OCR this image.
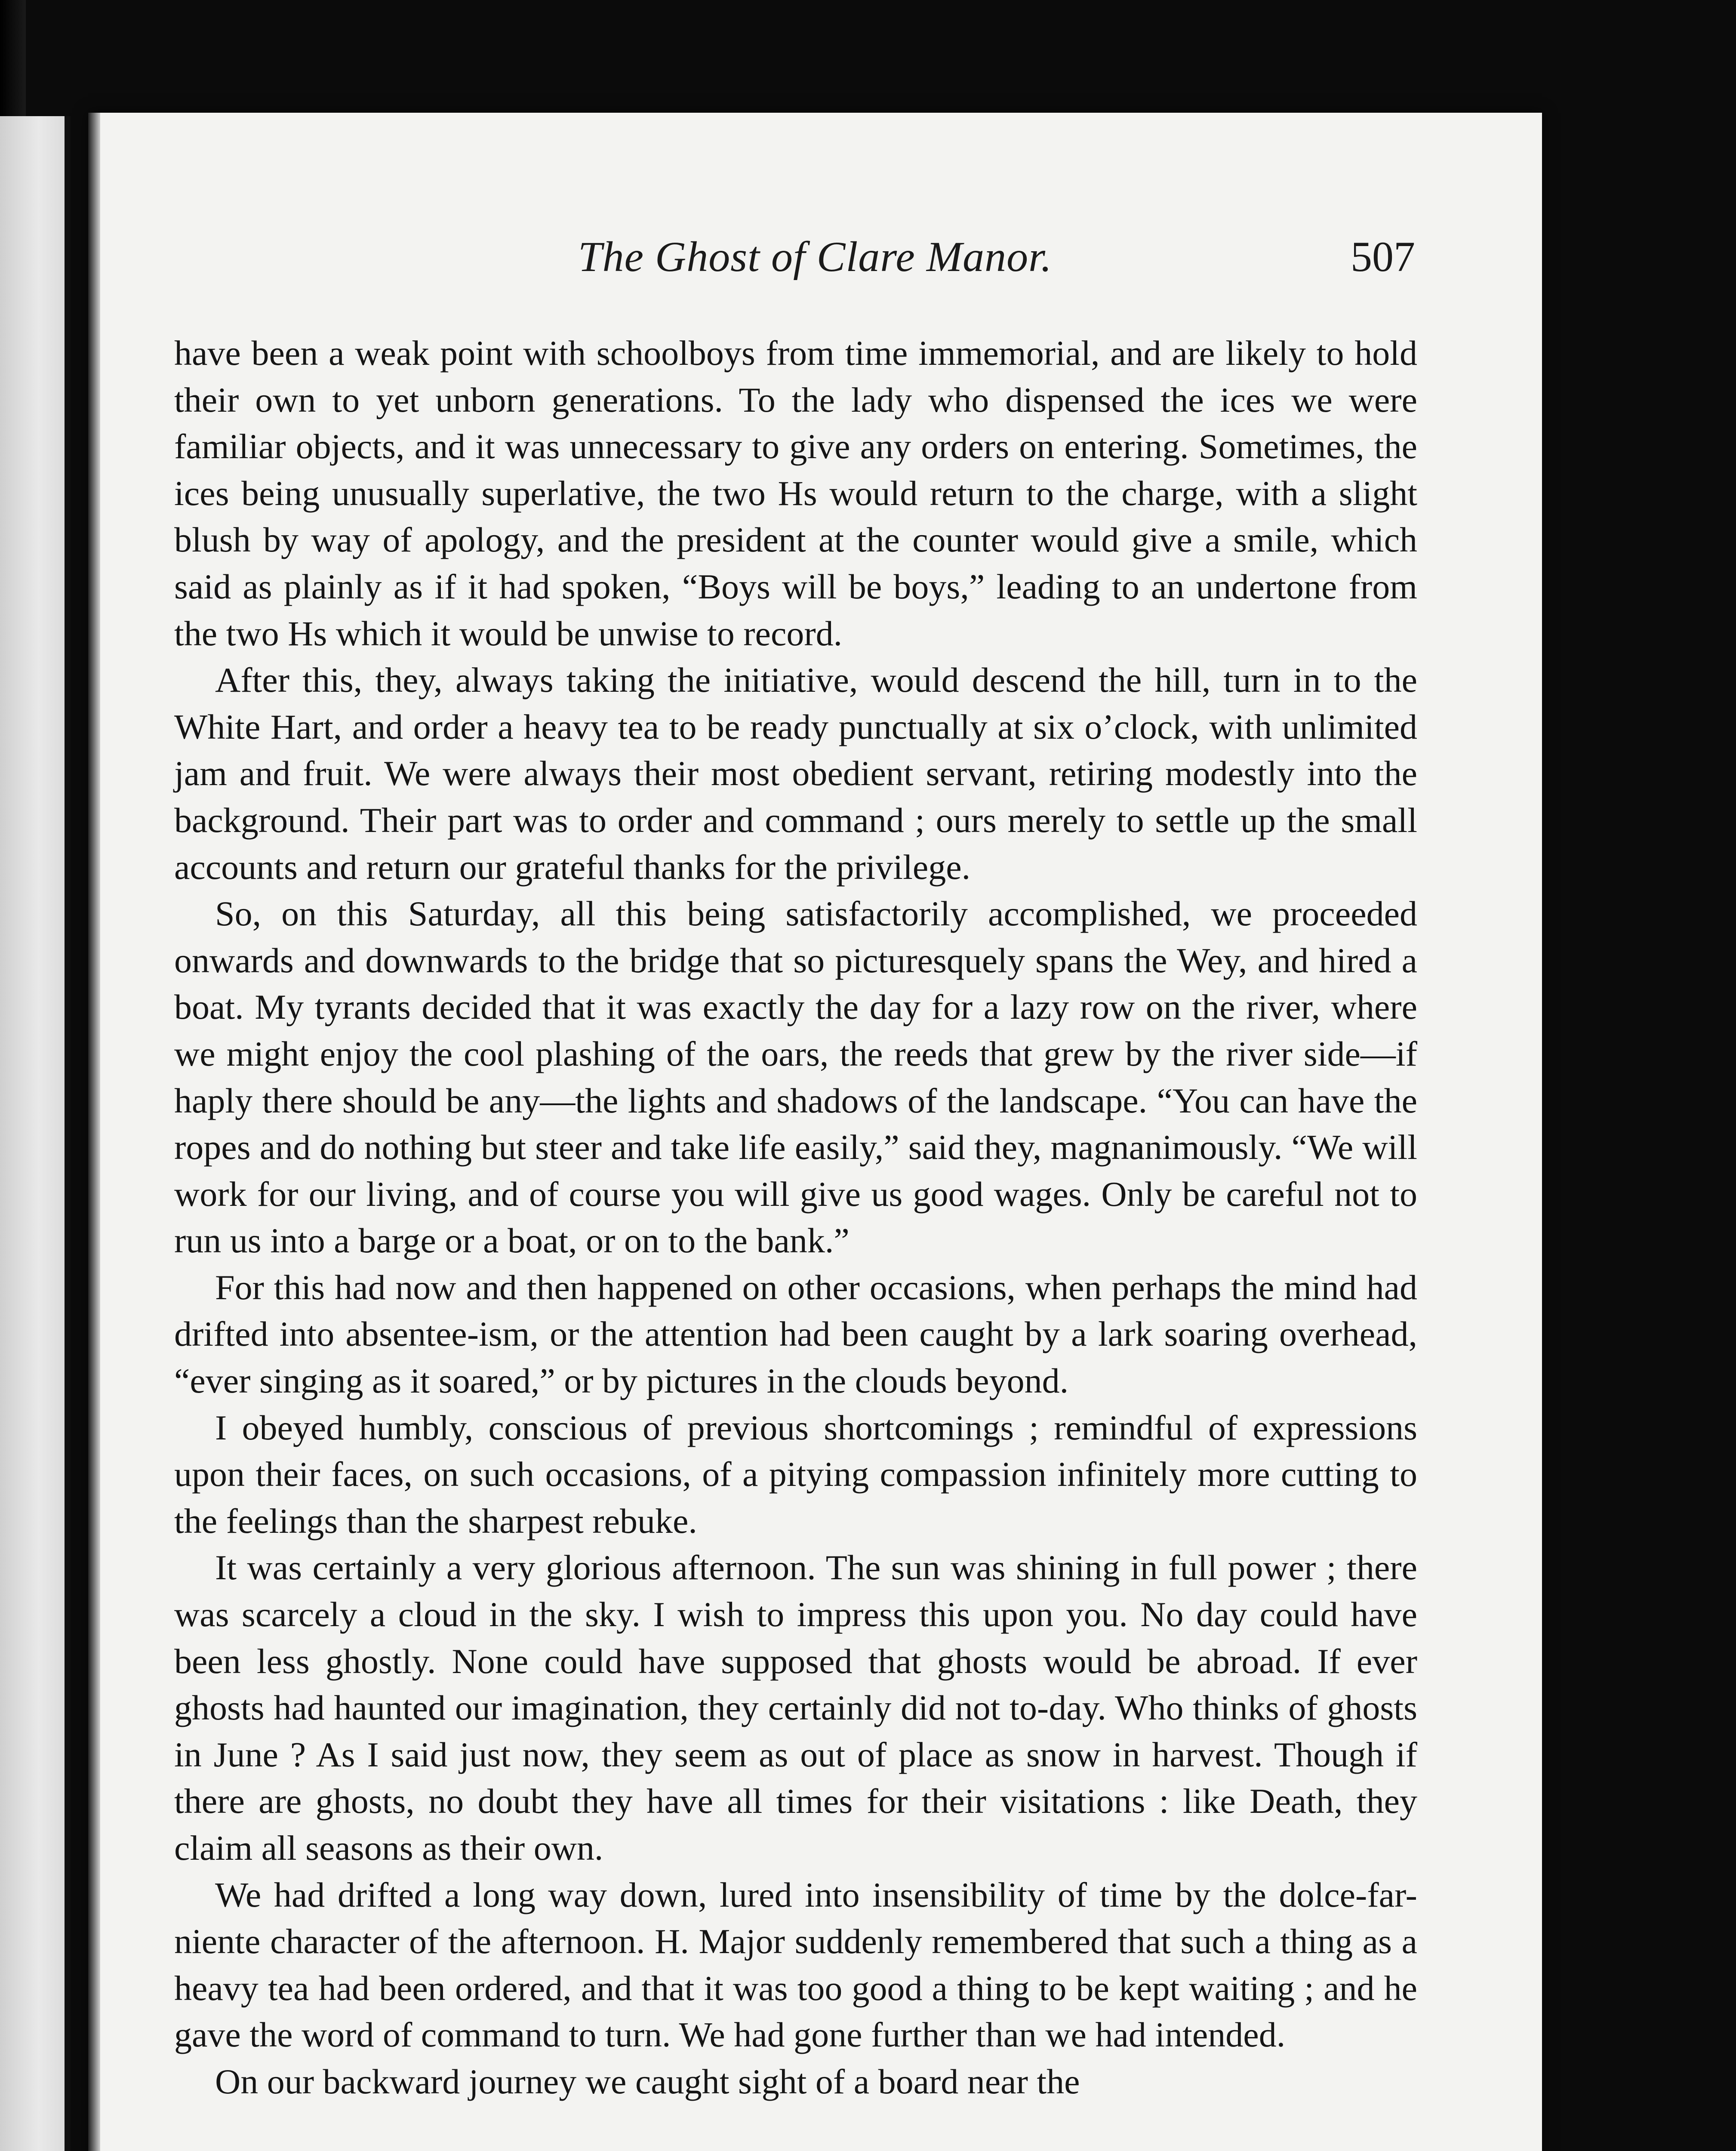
The Ghost of Clare Manor.	507

have been a weak point with schoolboys from time immemorial, and are likely to hold their own to yet unborn generations. To the lady who dispensed the ices we were familiar objects, and it was unnecessary to give any orders on entering. Sometimes, the ices being unusually superlative, the two Hs would return to the charge, with a slight blush by way of apology, and the president at the counter would give a smile, which said as plainly as if it had spoken, “Boys will be boys,” leading to an undertone from the two Hs which it would be unwise to record.

After this, they, always taking the initiative, would descend the hill, turn in to the White Hart, and order a heavy tea to be ready punctually at six o’clock, with unlimited jam and fruit. We were always their most obedient servant, retiring modestly into the background. Their part was to order and command ; ours merely to settle up the small accounts and return our grateful thanks for the privilege.

So, on this Saturday, all this being satisfactorily accomplished, we proceeded onwards and downwards to the bridge that so picturesquely spans the Wey, and hired a boat. My tyrants decided that it was exactly the day for a lazy row on the river, where we might enjoy the cool plashing of the oars, the reeds that grew by the river side—if haply there should be any—the lights and shadows of the landscape. “You can have the ropes and do nothing but steer and take life easily,” said they, magnanimously. “We will work for our living, and of course you will give us good wages. Only be careful not to run us into a barge or a boat, or on to the bank.”

For this had now and then happened on other occasions, when perhaps the mind had drifted into absentee-ism, or the attention had been caught by a lark soaring overhead, “ever singing as it soared,” or by pictures in the clouds beyond.

I obeyed humbly, conscious of previous shortcomings ; remindful of expressions upon their faces, on such occasions, of a pitying compassion infinitely more cutting to the feelings than the sharpest rebuke.

It was certainly a very glorious afternoon. The sun was shining in full power ; there was scarcely a cloud in the sky. I wish to impress this upon you. No day could have been less ghostly. None could have supposed that ghosts would be abroad. If ever ghosts had haunted our imagination, they certainly did not to-day. Who thinks of ghosts in June ? As I said just now, they seem as out of place as snow in harvest. Though if there are ghosts, no doubt they have all times for their visitations : like Death, they claim all seasons as their own.

We had drifted a long way down, lured into insensibility of time by the dolce-far-niente character of the afternoon. H. Major suddenly remembered that such a thing as a heavy tea had been ordered, and that it was too good a thing to be kept waiting ; and he gave the word of command to turn. We had gone further than we had intended.

On our backward journey we caught sight of a board near the
